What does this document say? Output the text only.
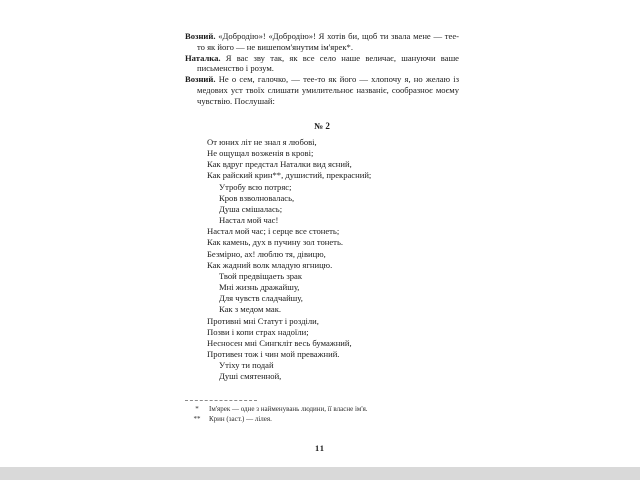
Возний. «Добродію»! «Добродію»! Я хотів би, щоб ти звала мене — тее-то як його — не вишепом'янутим ім'ярек*.

Наталка. Я вас зву так, як все село наше величає, шануючи ваше письменство і розум.

Возний. Не о сем, галочко, — тее-то як його — хлопочу я, но желаю із медових уст твоїх слишати умилительноє названіє, сообразноє моєму чувствію. Послушай:

№ 2
От юних літ не знал я любові,
Не ощущал возженія в крові;
Как вдруг предстал Наталки вид ясний,
Как райский крин**, душистий, прекрасний;
Утробу всю потряс;
Кров взволновалась,
Душа смішалась;
Настал мой час!
Настал мой час; і серце все стонеть;
Как камень, дух в пучину зол тонеть.
Безмірно, ах! люблю тя, дівицю,
Как жадний волк младую ягницю.
Твой предвіщаеть зрак
Мні жизнь дражайшу,
Для чувств сладчайшу,
Как з медом мак.
Противні мні Статут і розділи,
Позви і копи страх надоїли;
Несносен мні Сингкліт весь бумажний,
Противен тож і чин мой преважний.
Утіху ти подай
Душі смятенной,
*	Ім'ярек — одне з найменувань людини, її власне ім'я.
**	Крин (заст.) — лілея.
11
